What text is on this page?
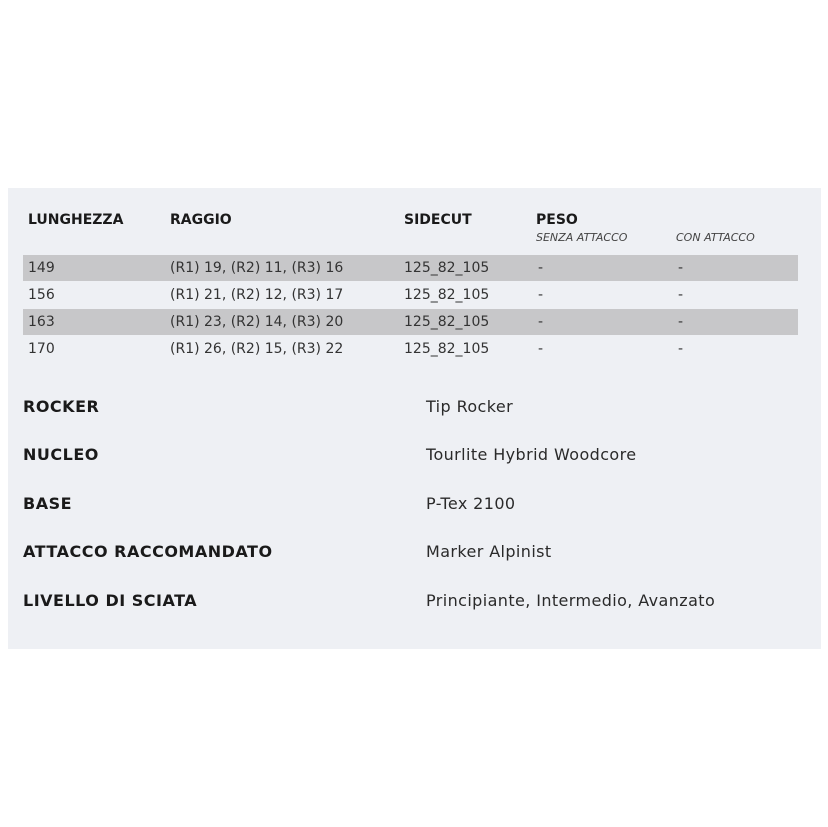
LUNGHEZZA	RAGGIO	SIDECUT	PESO
SENZA ATTACCO	CON ATTACCO
149	(R1) 19, (R2) 11, (R3) 16	125_82_105	-	-
156	(R1) 21, (R2) 12, (R3) 17	125_82_105	-	-
163	(R1) 23, (R2) 14, (R3) 20	125_82_105	-	-
170	(R1) 26, (R2) 15, (R3) 22	125_82_105	-	-
ROCKER	Tip Rocker
NUCLEO	Tourlite Hybrid Woodcore
BASE	P-Tex 2100
ATTACCO RACCOMANDATO	Marker Alpinist
LIVELLO DI SCIATA	Principiante, Intermedio, Avanzato
